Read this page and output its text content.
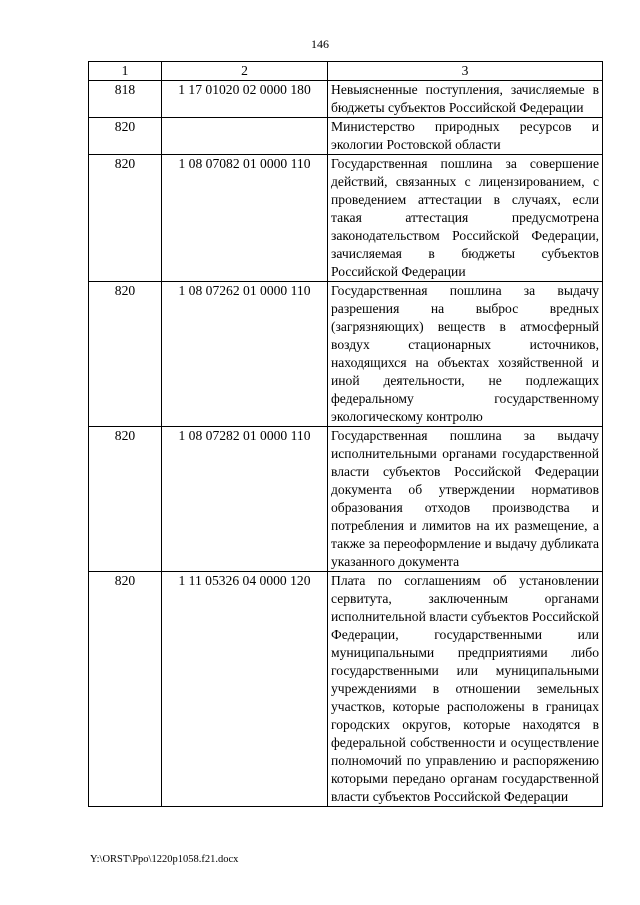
146
1	2	3
818	1 17 01020 02 0000 180	Невыясненные поступления, зачисляемые в бюджеты субъектов Российской Федерации
820		Министерство природных ресурсов и экологии Ростовской области
820	1 08 07082 01 0000 110	Государственная пошлина за совершение действий, связанных с лицензированием, с проведением аттестации в случаях, если такая аттестация предусмотрена законодательством Российской Федерации, зачисляемая в бюджеты субъектов Российской Федерации
820	1 08 07262 01 0000 110	Государственная пошлина за выдачу разрешения на выброс вредных (загрязняющих) веществ в атмосферный воздух стационарных источников, находящихся на объектах хозяйственной и иной деятельности, не подлежащих федеральному государственному экологическому контролю
820	1 08 07282 01 0000 110	Государственная пошлина за выдачу исполнительными органами государственной власти субъектов Российской Федерации документа об утверждении нормативов образования отходов производства и потребления и лимитов на их размещение, а также за переоформление и выдачу дубликата указанного документа
820	1 11 05326 04 0000 120	Плата по соглашениям об установлении сервитута, заключенным органами исполнительной власти субъектов Российской Федерации, государственными или муниципальными предприятиями либо государственными или муниципальными учреждениями в отношении земельных участков, которые расположены в границах городских округов, которые находятся в федеральной собственности и осуществление полномочий по управлению и распоряжению которыми передано органам государственной власти субъектов Российской Федерации
Y:\ORST\Ppo\1220p1058.f21.docx
